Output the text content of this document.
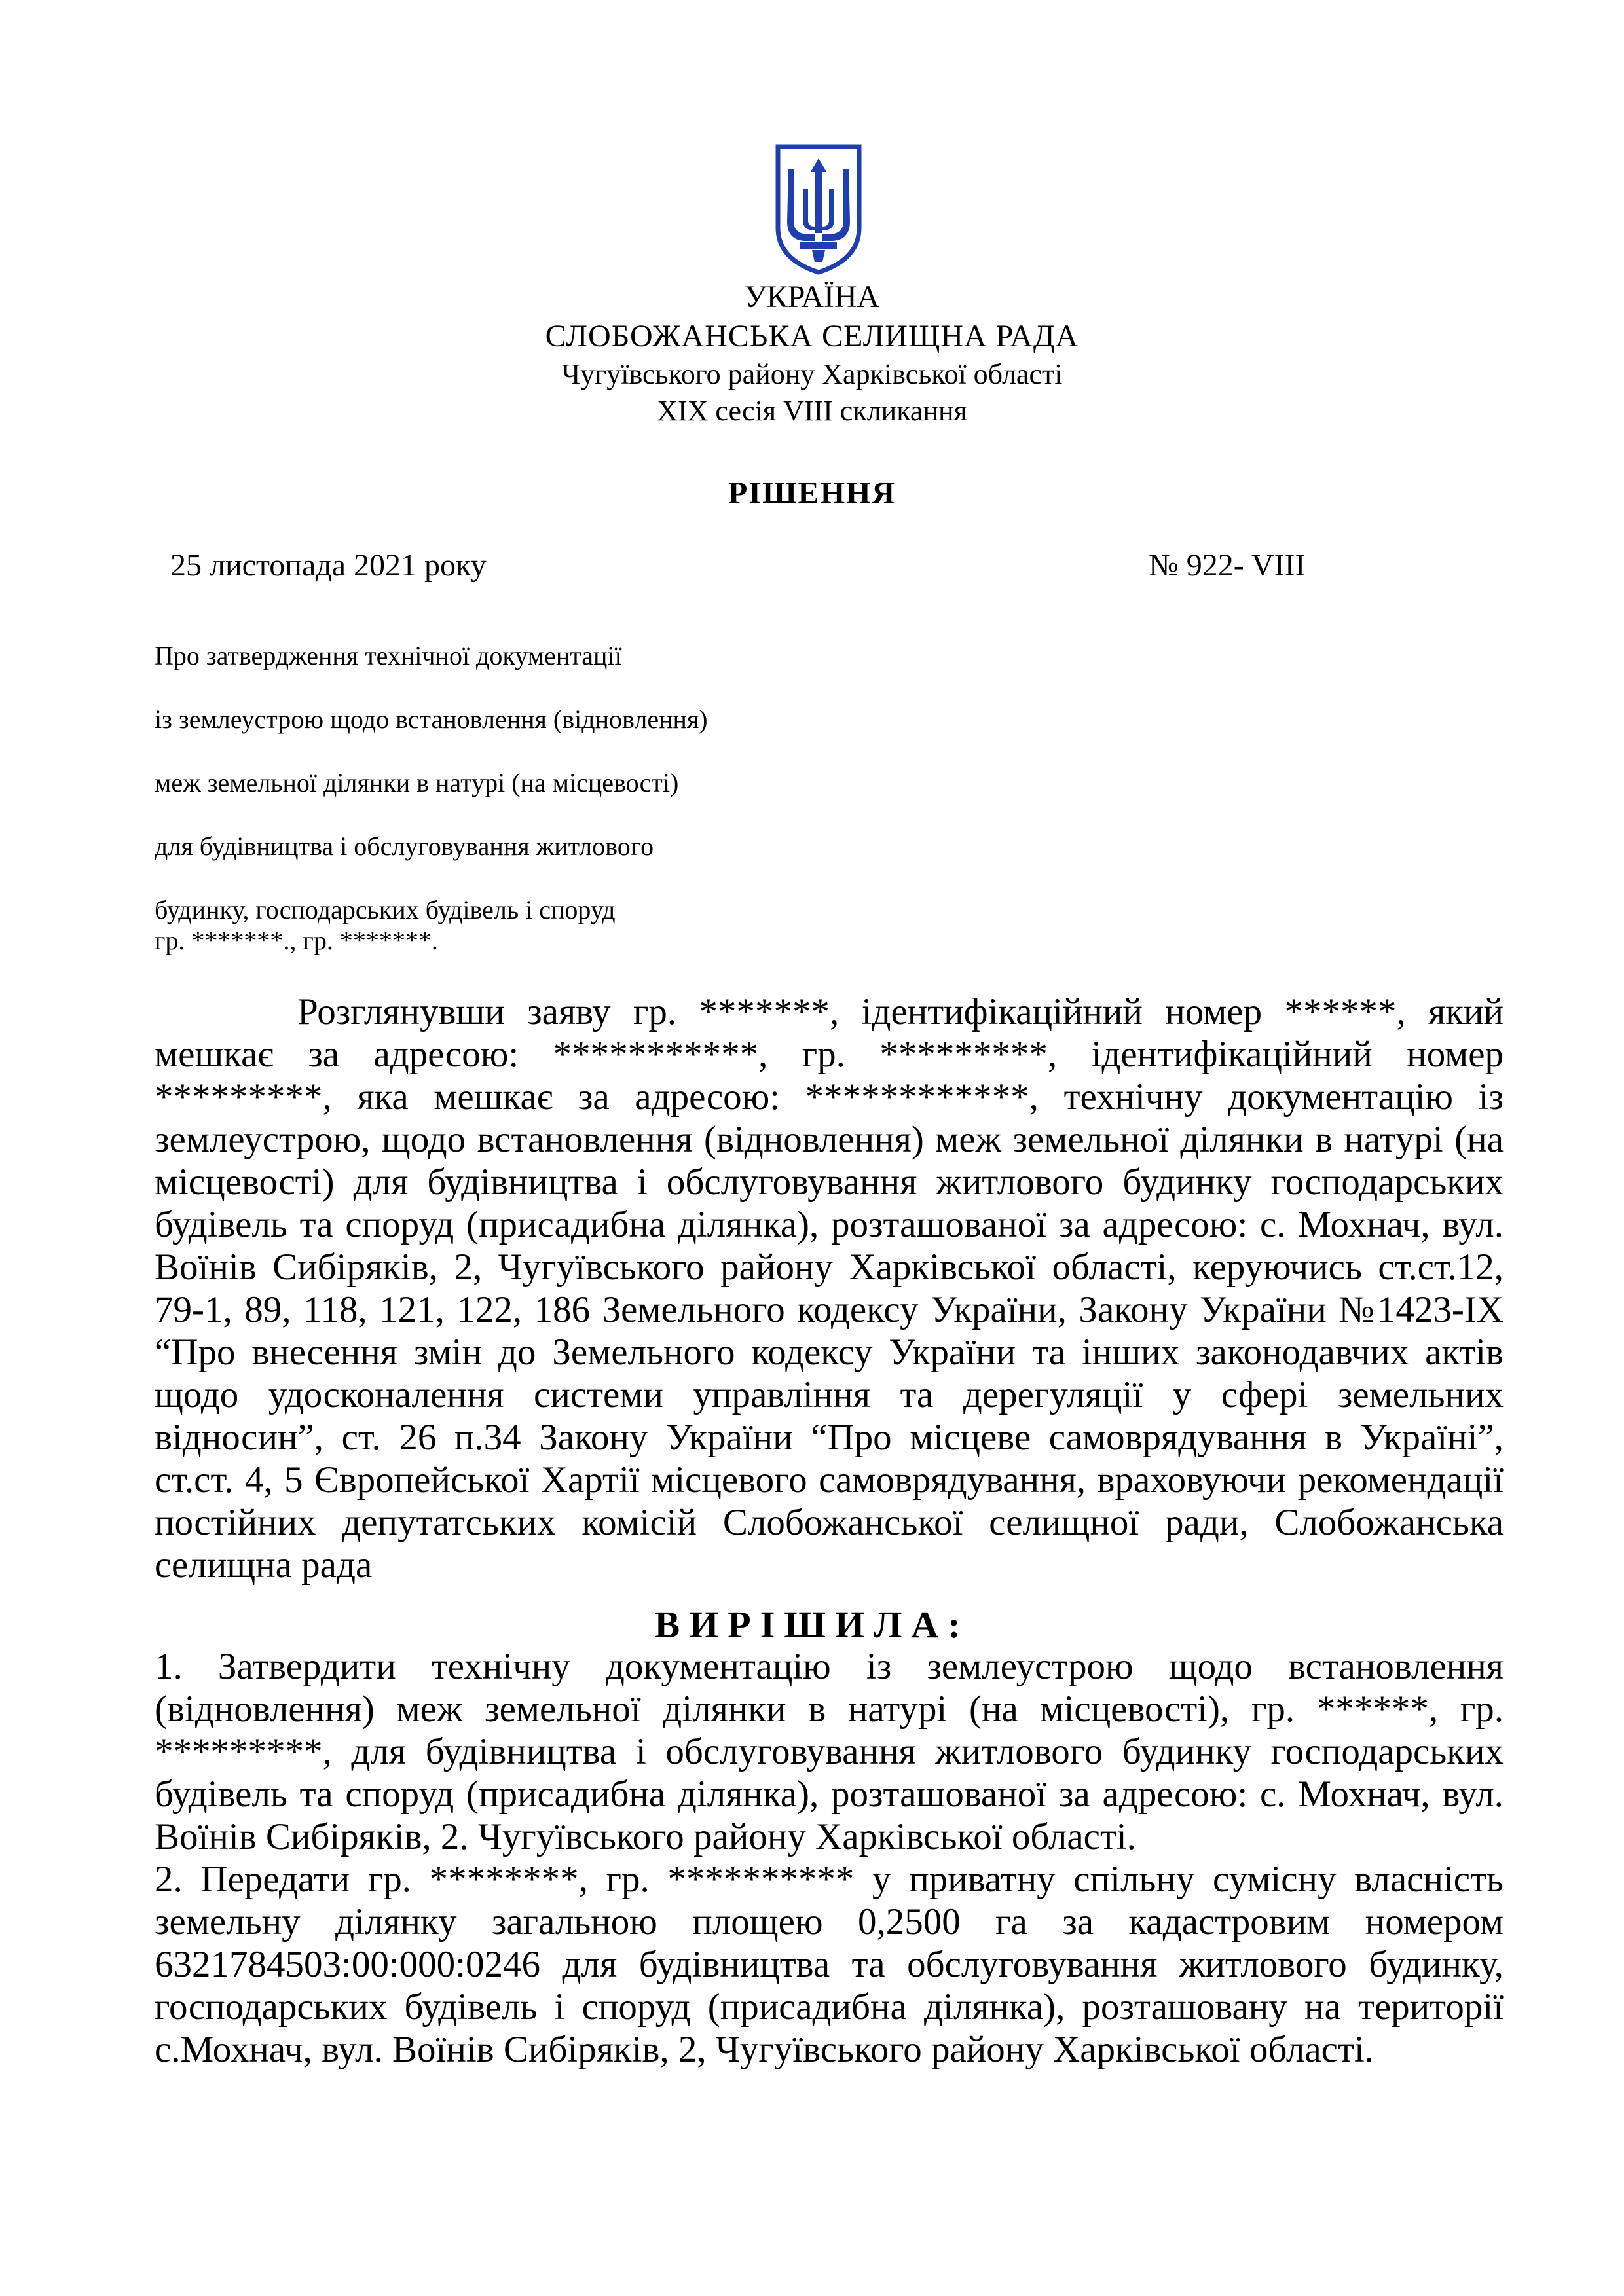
УКРАЇНА
СЛОБОЖАНСЬКА СЕЛИЩНА РАДА
Чугуївського району Харківської області
XIX сесія VIII скликання
РІШЕННЯ
25 листопада 2021 року	№ 922- VIII
Про затвердження технічної документації
із землеустрою щодо встановлення (відновлення)
меж земельної ділянки в натурі (на місцевості)
для будівництва і обслуговування житлового
будинку, господарських будівель і споруд
гр. *******., гр. *******.
Розглянувши заяву гр. *******, ідентифікаційний номер ******, який мешкає за адресою: ***********, гр. *********, ідентифікаційний номер *********, яка мешкає за адресою: ************, технічну документацію із землеустрою, щодо встановлення (відновлення) меж земельної ділянки в натурі (на місцевості) для будівництва і обслуговування житлового будинку господарських будівель та споруд (присадибна ділянка), розташованої за адресою: с. Мохнач, вул. Воїнів Сибіряків, 2, Чугуївського району Харківської області, керуючись ст.ст.12, 79-1, 89, 118, 121, 122, 186 Земельного кодексу України, Закону України №1423-IX “Про внесення змін до Земельного кодексу України та інших законодавчих актів щодо удосконалення системи управління та дерегуляції у сфері земельних відносин”, ст. 26 п.34 Закону України “Про місцеве самоврядування в Україні”, ст.ст. 4, 5 Європейської Хартії місцевого самоврядування, враховуючи рекомендації постійних депутатських комісій Слобожанської селищної ради, Слобожанська селищна рада
ВИРІШИЛА:
1. Затвердити технічну документацію із землеустрою щодо встановлення (відновлення) меж земельної ділянки в натурі (на місцевості), гр. ******, гр. *********, для будівництва і обслуговування житлового будинку господарських будівель та споруд (присадибна ділянка), розташованої за адресою: с. Мохнач, вул. Воїнів Сибіряків, 2. Чугуївського району Харківської області.
2. Передати гр. ********, гр. ********** у приватну спільну сумісну власність земельну ділянку загальною площею 0,2500 га за кадастровим номером 6321784503:00:000:0246 для будівництва та обслуговування житлового будинку, господарських будівель і споруд (присадибна ділянка), розташовану на території с.Мохнач, вул. Воїнів Сибіряків, 2, Чугуївського району Харківської області.
